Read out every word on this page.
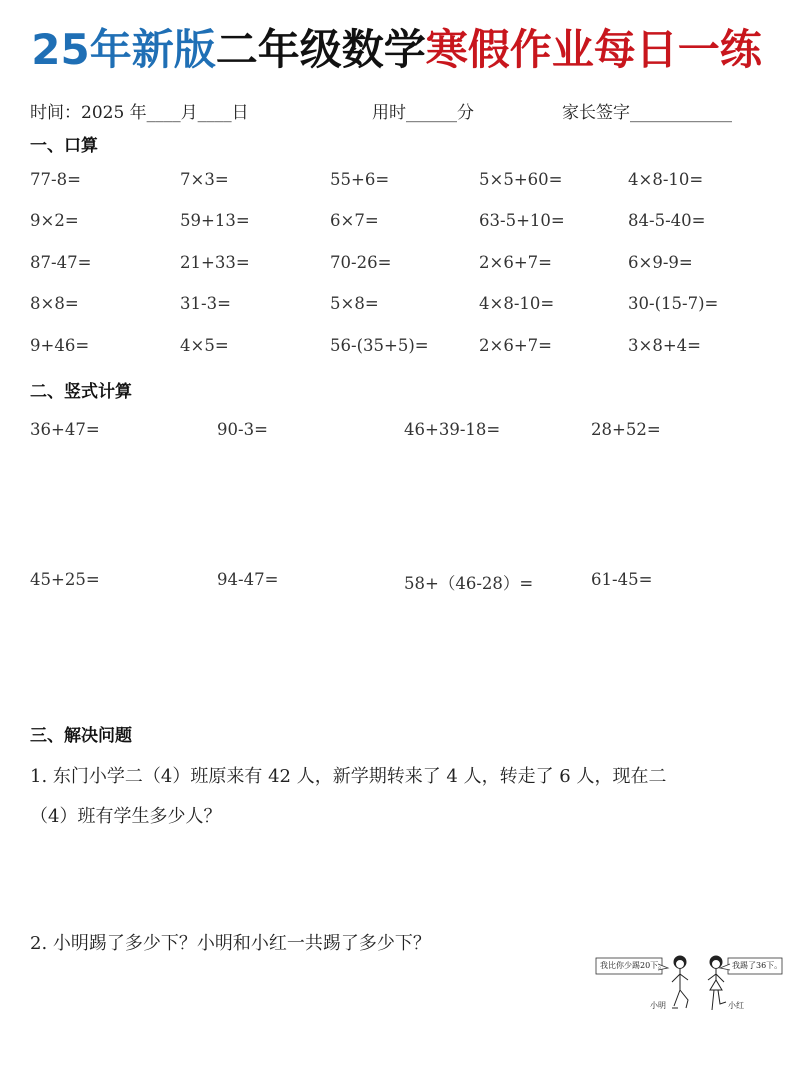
25年新版二年级数学寒假作业每日一练
时间：2025 年____月____日	用时______分	家长签字____________
一、口算
77-8=	7×3=	55+6=	5×5+60=	4×8-10=
9×2=	59+13=	6×7=	63-5+10=	84-5-40=
87-47=	21+33=	70-26=	2×6+7=	6×9-9=
8×8=	31-3=	5×8=	4×8-10=	30-(15-7)=
9+46=	4×5=	56-(35+5)=	2×6+7=	3×8+4=
二、竖式计算
36+47=	90-3=	46+39-18=	28+52=
45+25=	94-47=	58+（46-28）=	61-45=
三、解决问题
1. 东门小学二（4）班原来有 42 人，新学期转来了 4 人，转走了 6 人，现在二
（4）班有学生多少人？
2. 小明踢了多少下？小明和小红一共踢了多少下？
我比你少踢20下。	我踢了36下。
小明	小红
